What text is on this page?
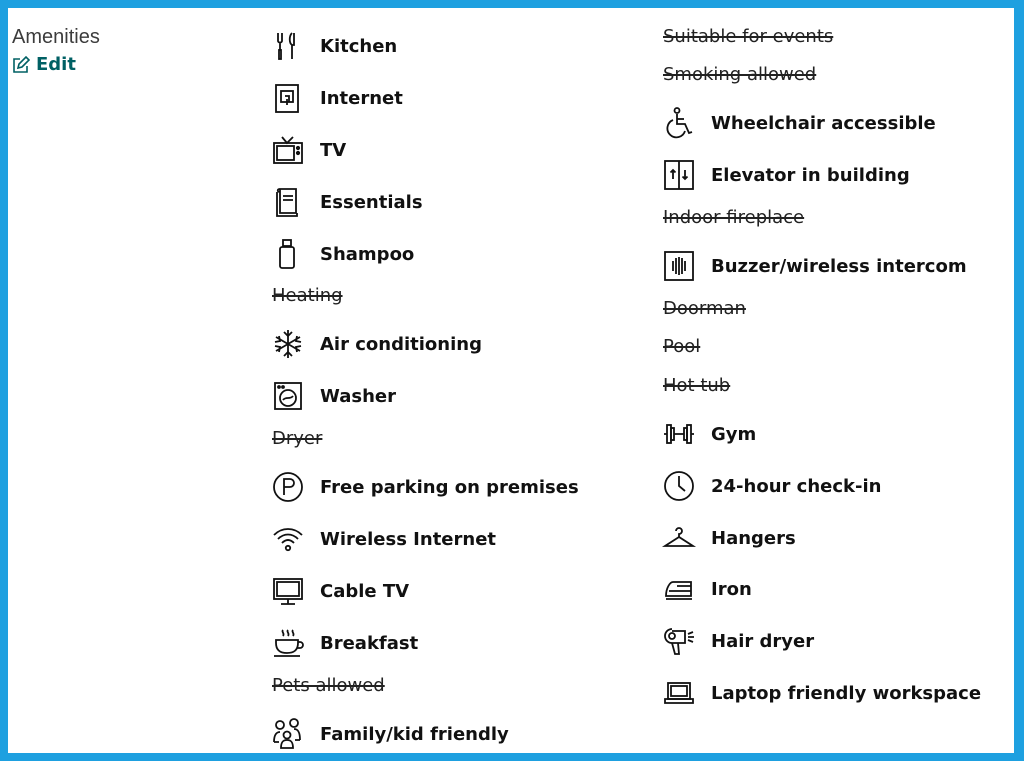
Amenities
Edit
Kitchen
Internet
TV
Essentials
Shampoo
Heating
Air conditioning
Washer
Dryer
Free parking on premises
Wireless Internet
Cable TV
Breakfast
Pets allowed
Family/kid friendly
Suitable for events
Smoking allowed
Wheelchair accessible
Elevator in building
Indoor fireplace
Buzzer/wireless intercom
Doorman
Pool
Hot tub
Gym
24-hour check-in
Hangers
Iron
Hair dryer
Laptop friendly workspace
